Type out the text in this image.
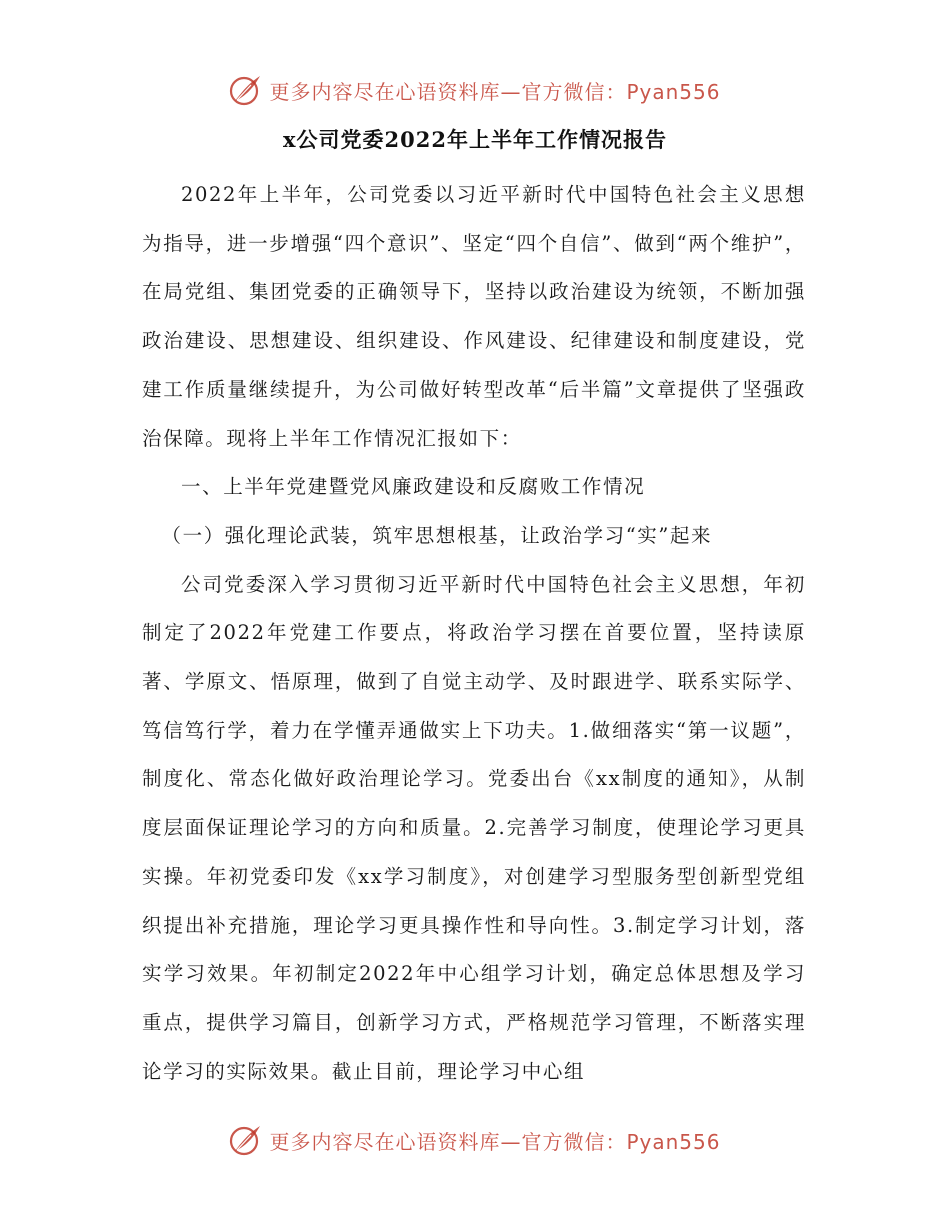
更多内容尽在心语资料库—官方微信：Pyan556
x公司党委2022年上半年工作情况报告

2022年上半年，公司党委以习近平新时代中国特色社会主义思想为指导，进一步增强“四个意识”、坚定“四个自信”、做到“两个维护”，在局党组、集团党委的正确领导下，坚持以政治建设为统领，不断加强政治建设、思想建设、组织建设、作风建设、纪律建设和制度建设，党建工作质量继续提升，为公司做好转型改革“后半篇”文章提供了坚强政治保障。现将上半年工作情况汇报如下：

一、上半年党建暨党风廉政建设和反腐败工作情况

（一）强化理论武装，筑牢思想根基，让政治学习“实”起来

公司党委深入学习贯彻习近平新时代中国特色社会主义思想，年初制定了2022年党建工作要点，将政治学习摆在首要位置，坚持读原著、学原文、悟原理，做到了自觉主动学、及时跟进学、联系实际学、笃信笃行学，着力在学懂弄通做实上下功夫。1.做细落实“第一议题”，制度化、常态化做好政治理论学习。党委出台《xx制度的通知》，从制度层面保证理论学习的方向和质量。2.完善学习制度，使理论学习更具实操。年初党委印发《xx学习制度》，对创建学习型服务型创新型党组织提出补充措施，理论学习更具操作性和导向性。3.制定学习计划，落实学习效果。年初制定2022年中心组学习计划，确定总体思想及学习重点，提供学习篇目，创新学习方式，严格规范学习管理，不断落实理论学习的实际效果。截止目前，理论学习中心组

更多内容尽在心语资料库—官方微信：Pyan556
